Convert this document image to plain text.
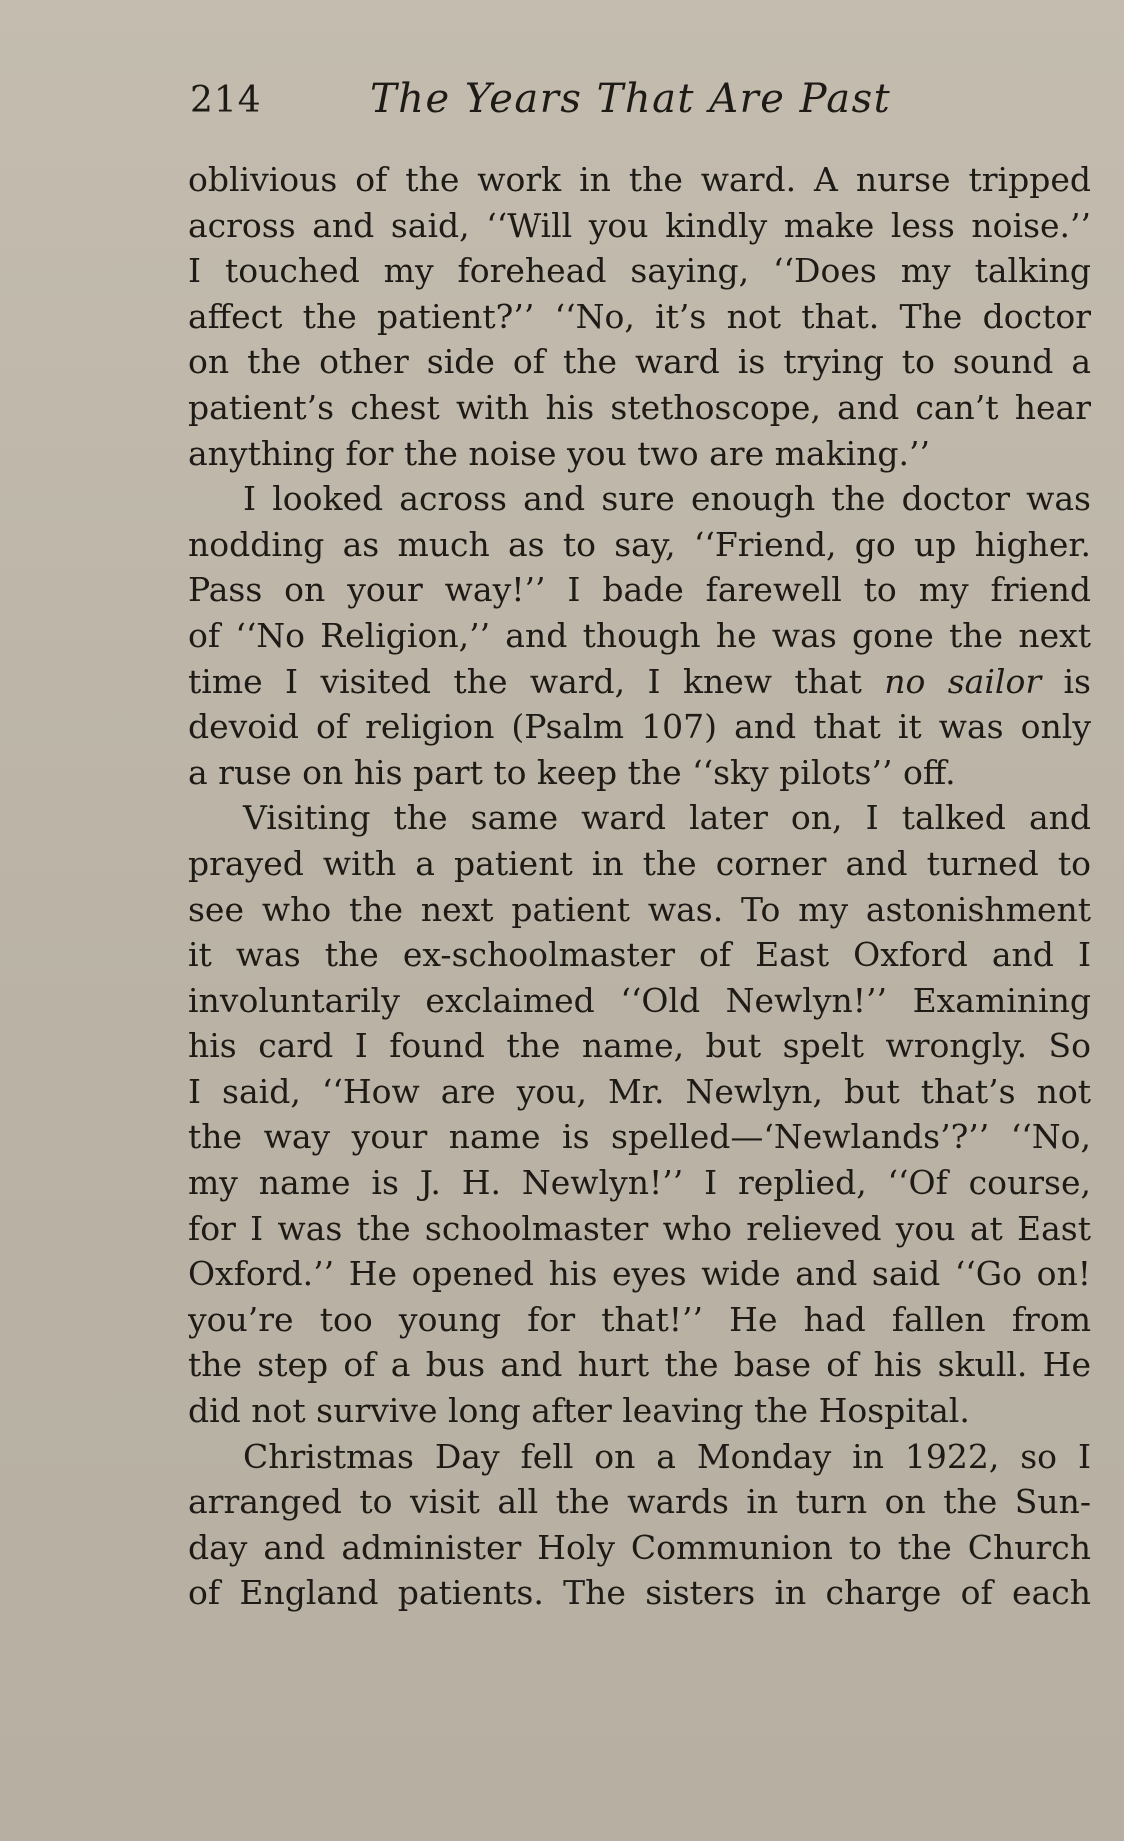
214	The Years That Are Past
oblivious of the work in the ward. A nurse tripped
across and said, ‘‘Will you kindly make less noise.’’
I touched my forehead saying, ‘‘Does my talking
affect the patient?’’ ‘‘No, it’s not that. The doctor
on the other side of the ward is trying to sound a
patient’s chest with his stethoscope, and can’t hear
anything for the noise you two are making.’’
I looked across and sure enough the doctor was
nodding as much as to say, ‘‘Friend, go up higher.
Pass on your way!’’ I bade farewell to my friend
of ‘‘No Religion,’’ and though he was gone the next
time I visited the ward, I knew that no sailor is
devoid of religion (Psalm 107) and that it was only
a ruse on his part to keep the ‘‘sky pilots’’ off.
Visiting the same ward later on, I talked and
prayed with a patient in the corner and turned to
see who the next patient was. To my astonishment
it was the ex-schoolmaster of East Oxford and I
involuntarily exclaimed ‘‘Old Newlyn!’’ Examining
his card I found the name, but spelt wrongly. So
I said, ‘‘How are you, Mr. Newlyn, but that’s not
the way your name is spelled—‘Newlands’?’’ ‘‘No,
my name is J. H. Newlyn!’’ I replied, ‘‘Of course,
for I was the schoolmaster who relieved you at East
Oxford.’’ He opened his eyes wide and said ‘‘Go on!
you’re too young for that!’’ He had fallen from
the step of a bus and hurt the base of his skull. He
did not survive long after leaving the Hospital.
Christmas Day fell on a Monday in 1922, so I
arranged to visit all the wards in turn on the Sun-
day and administer Holy Communion to the Church
of England patients. The sisters in charge of each
